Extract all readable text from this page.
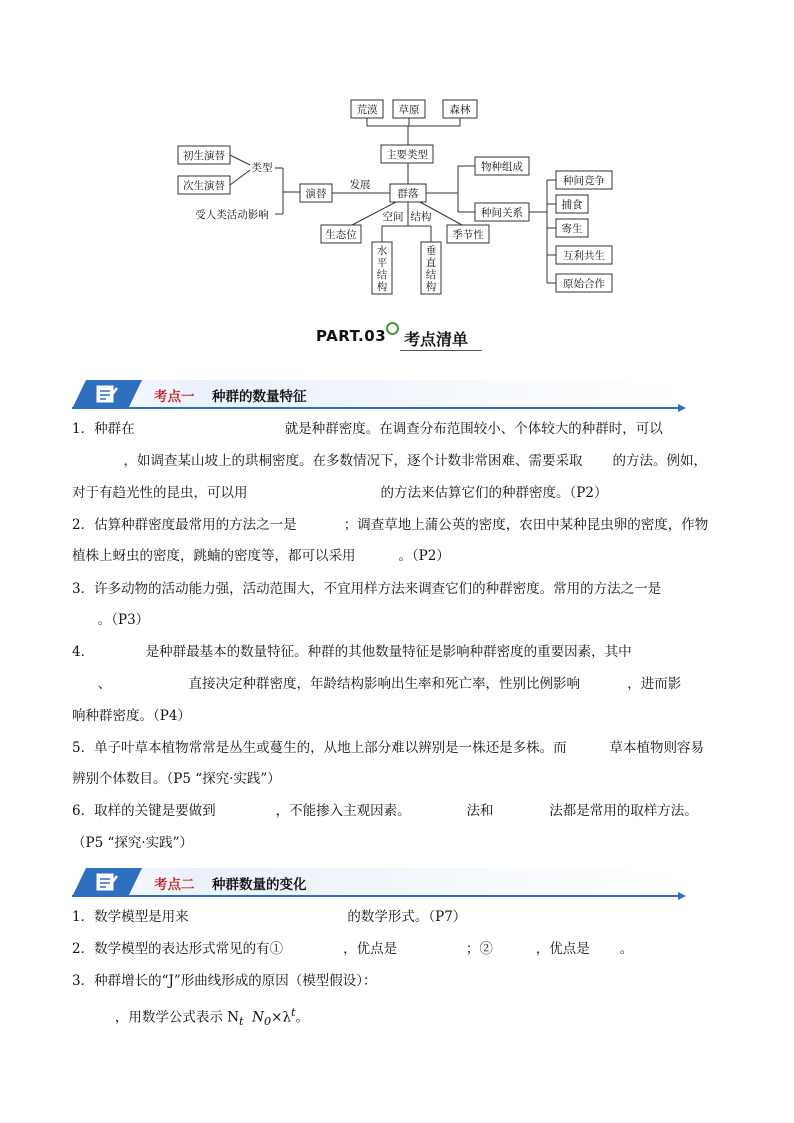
荒漠 草原	森林
主要类型
初生演替
次生演替
类型
受人类活动影响
演替
发展
群落
物种组成
种间关系
生态位
空间 结构
季节性
种间竞争
捕食
寄生
互利共生
原始合作
水平结构
垂直结构
PART.03 考点清单
考点一 种群的数量特征
1．种群在                                   就是种群密度。在调查分布范围较小、个体较大的种群时，可以
，如调查某山坡上的珙桐密度。在多数情况下，逐个计数非常困难、需要采取       的方法。例如，
对于有趋光性的昆虫，可以用                               的方法来估算它们的种群密度。（P2）
2．估算种群密度最常用的方法之一是           ；调查草地上蒲公英的密度，农田中某种昆虫卵的密度，作物
植株上蚜虫的密度，跳蝻的密度等，都可以采用          。（P2）
3．许多动物的活动能力强，活动范围大，不宜用样方法来调查它们的种群密度。常用的方法之一是
。（P3）
4．            是种群最基本的数量特征。种群的其他数量特征是影响种群密度的重要因素，其中
、                  直接决定种群密度，年龄结构影响出生率和死亡率，性别比例影响           ，进而影
响种群密度。（P4）
5．单子叶草本植物常常是丛生或蔓生的，从地上部分难以辨别是一株还是多株。而          草本植物则容易
辨别个体数目。（P5 “探究·实践”）
6．取样的关键是要做到              ，不能掺入主观因素。             法和             法都是常用的取样方法。
（P5 “探究·实践”）
考点二 种群数量的变化
1．数学模型是用来                                     的数学形式。（P7）
2．数学模型的表达形式常见的有①              ，优点是                ；②          ，优点是       。
3．种群增长的“J”形曲线形成的原因（模型假设）：
，用数学公式表示 $N_t$  $N_0\times\lambda^t$。
